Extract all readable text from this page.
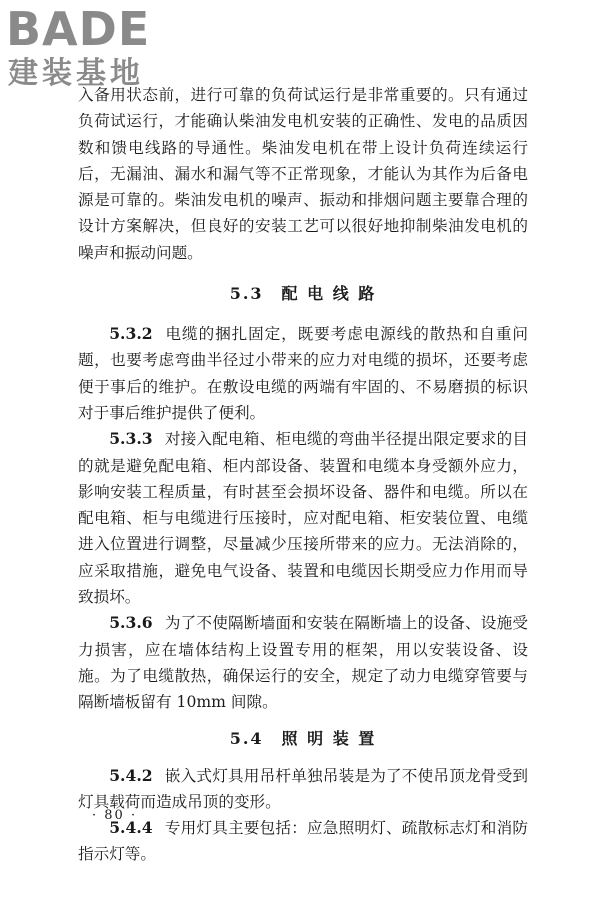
BADE
建装基地

入备用状态前，进行可靠的负荷试运行是非常重要的。只有通过负荷试运行，才能确认柴油发电机安装的正确性、发电的品质因数和馈电线路的导通性。柴油发电机在带上设计负荷连续运行后，无漏油、漏水和漏气等不正常现象，才能认为其作为后备电源是可靠的。柴油发电机的噪声、振动和排烟问题主要靠合理的设计方案解决，但良好的安装工艺可以很好地抑制柴油发电机的噪声和振动问题。

5.3　配 电 线 路

5.3.2 电缆的捆扎固定，既要考虑电源线的散热和自重问题，也要考虑弯曲半径过小带来的应力对电缆的损坏，还要考虑便于事后的维护。在敷设电缆的两端有牢固的、不易磨损的标识对于事后维护提供了便利。

5.3.3 对接入配电箱、柜电缆的弯曲半径提出限定要求的目的就是避免配电箱、柜内部设备、装置和电缆本身受额外应力，影响安装工程质量，有时甚至会损坏设备、器件和电缆。所以在配电箱、柜与电缆进行压接时，应对配电箱、柜安装位置、电缆进入位置进行调整，尽量减少压接所带来的应力。无法消除的，应采取措施，避免电气设备、装置和电缆因长期受应力作用而导致损坏。

5.3.6 为了不使隔断墙面和安装在隔断墙上的设备、设施受力损害，应在墙体结构上设置专用的框架，用以安装设备、设施。为了电缆散热，确保运行的安全，规定了动力电缆穿管要与隔断墙板留有 10mm 间隙。

5.4　照 明 装 置

5.4.2 嵌入式灯具用吊杆单独吊装是为了不使吊顶龙骨受到灯具载荷而造成吊顶的变形。

5.4.4 专用灯具主要包括：应急照明灯、疏散标志灯和消防指示灯等。

· 80 ·
